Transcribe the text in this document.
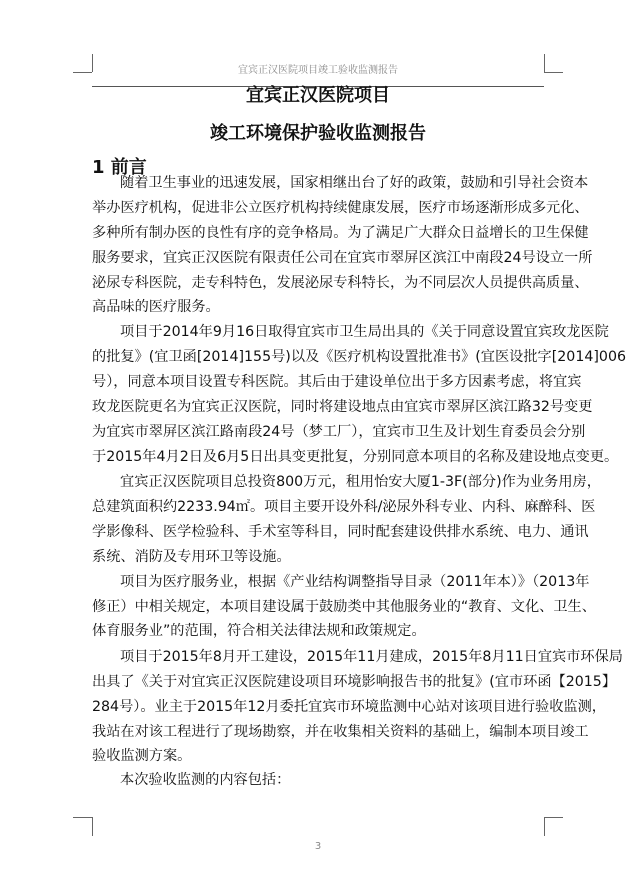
宜宾正汉医院项目竣工验收监测报告
宜宾正汉医院项目
竣工环境保护验收监测报告
1 前言
随着卫生事业的迅速发展，国家相继出台了好的政策，鼓励和引导社会资本
举办医疗机构，促进非公立医疗机构持续健康发展，医疗市场逐渐形成多元化、
多种所有制办医的良性有序的竞争格局。为了满足广大群众日益增长的卫生保健
服务要求，宜宾正汉医院有限责任公司在宜宾市翠屏区滨江中南段24号设立一所
泌尿专科医院，走专科特色，发展泌尿专科特长，为不同层次人员提供高质量、
高品味的医疗服务。
项目于2014年9月16日取得宜宾市卫生局出具的《关于同意设置宜宾玫龙医院
的批复》(宜卫函[2014]155号)以及《医疗机构设置批准书》(宜医设批字[2014]006
号），同意本项目设置专科医院。其后由于建设单位出于多方因素考虑，将宜宾
玫龙医院更名为宜宾正汉医院，同时将建设地点由宜宾市翠屏区滨江路32号变更
为宜宾市翠屏区滨江路南段24号（梦工厂），宜宾市卫生及计划生育委员会分别
于2015年4月2日及6月5日出具变更批复，分别同意本项目的名称及建设地点变更。
宜宾正汉医院项目总投资800万元，租用怡安大厦1-3F(部分)作为业务用房，
总建筑面积约2233.94㎡。项目主要开设外科/泌尿外科专业、内科、麻醉科、医
学影像科、医学检验科、手术室等科目，同时配套建设供排水系统、电力、通讯
系统、消防及专用环卫等设施。
项目为医疗服务业，根据《产业结构调整指导目录（2011年本）》（2013年
修正）中相关规定，本项目建设属于鼓励类中其他服务业的“教育、文化、卫生、
体育服务业”的范围，符合相关法律法规和政策规定。
项目于2015年8月开工建设，2015年11月建成，2015年8月11日宜宾市环保局
出具了《关于对宜宾正汉医院建设项目环境影响报告书的批复》(宜市环函【2015】
284号）。业主于2015年12月委托宜宾市环境监测中心站对该项目进行验收监测，
我站在对该工程进行了现场勘察，并在收集相关资料的基础上，编制本项目竣工
验收监测方案。
本次验收监测的内容包括：
3
